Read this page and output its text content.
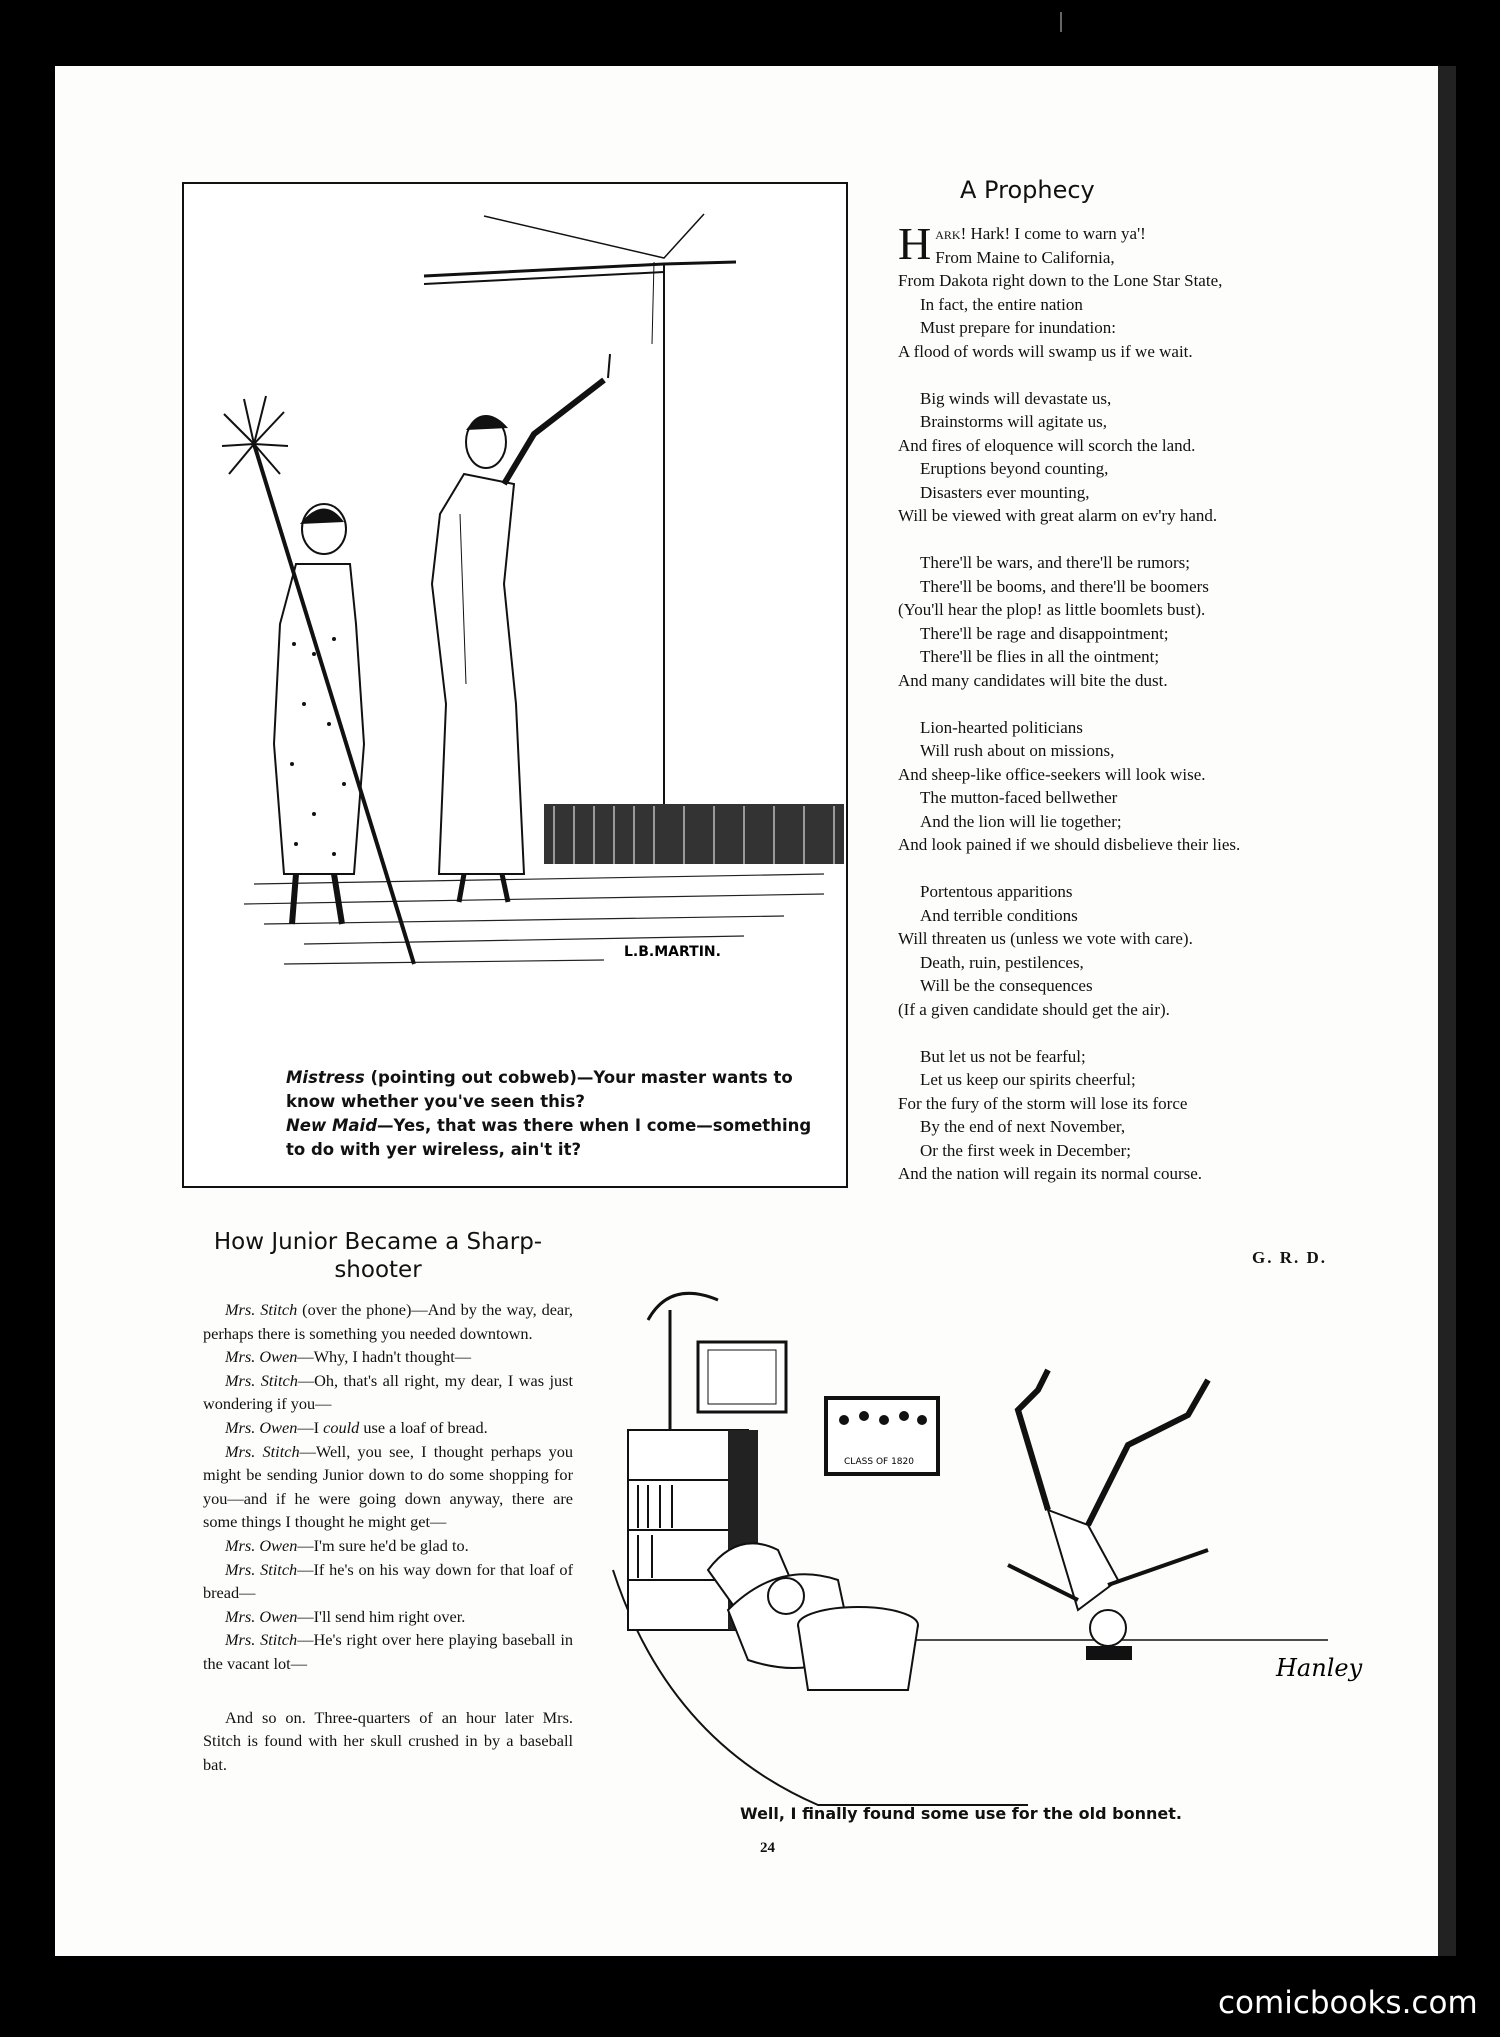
L.B.MARTIN.

Mistress (pointing out cobweb)—Your master wants to know whether you've seen this?

New Maid—Yes, that was there when I come—something to do with yer wireless, ain't it?

A Prophecy
Hark! Hark! I come to warn ya'!
From Maine to California,
From Dakota right down to the Lone Star State,
In fact, the entire nation
Must prepare for inundation:
A flood of words will swamp us if we wait.
Big winds will devastate us,
Brainstorms will agitate us,
And fires of eloquence will scorch the land.
Eruptions beyond counting,
Disasters ever mounting,
Will be viewed with great alarm on ev'ry hand.
There'll be wars, and there'll be rumors;
There'll be booms, and there'll be boomers
(You'll hear the plop! as little boomlets bust).
There'll be rage and disappointment;
There'll be flies in all the ointment;
And many candidates will bite the dust.
Lion-hearted politicians
Will rush about on missions,
And sheep-like office-seekers will look wise.
The mutton-faced bellwether
And the lion will lie together;
And look pained if we should disbelieve their lies.
Portentous apparitions
And terrible conditions
Will threaten us (unless we vote with care).
Death, ruin, pestilences,
Will be the consequences
(If a given candidate should get the air).
But let us not be fearful;
Let us keep our spirits cheerful;
For the fury of the storm will lose its force
By the end of next November,
Or the first week in December;
And the nation will regain its normal course.
G. R. D.
How Junior Became a Sharp-shooter

Mrs. Stitch (over the phone)—And by the way, dear, perhaps there is something you needed downtown.

Mrs. Owen—Why, I hadn't thought—

Mrs. Stitch—Oh, that's all right, my dear, I was just wondering if you—

Mrs. Owen—I could use a loaf of bread.

Mrs. Stitch—Well, you see, I thought perhaps you might be sending Junior down to do some shopping for you—and if he were going down anyway, there are some things I thought he might get—

Mrs. Owen—I'm sure he'd be glad to.

Mrs. Stitch—If he's on his way down for that loaf of bread—

Mrs. Owen—I'll send him right over.

Mrs. Stitch—He's right over here playing baseball in the vacant lot—

And so on. Three-quarters of an hour later Mrs. Stitch is found with her skull crushed in by a baseball bat.

CLASS OF 1820
Hanley
Well, I finally found some use for the old bonnet.
24
comicbooks.com
